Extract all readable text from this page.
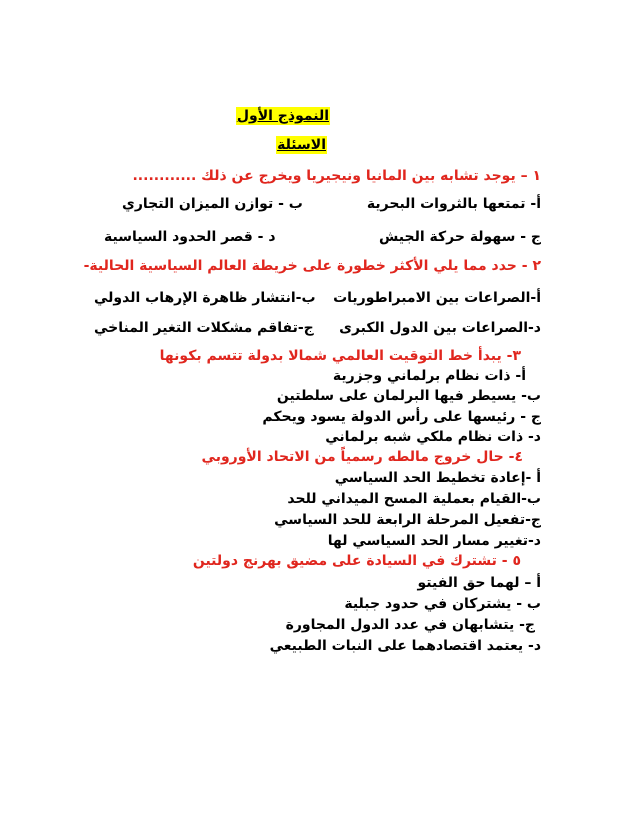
النموذج الأول
الاسئلة
١ – يوجد تشابه بين المانيا ونيجيريا ويخرج عن ذلك ............
أ- تمتعها بالثروات البحرية
ب - توازن الميزان التجاري
ج - سهولة حركة الجيش
د - قصر الحدود السياسية
٢ - حدد مما يلي الأكثر خطورة على خريطة العالم السياسية الحالية-
أ-الصراعات بين الامبراطوريات
ب-انتشار ظاهرة الإرهاب الدولي
د-الصراعات بين الدول الكبرى
ج-تفاقم مشكلات التغير المناخي
٣- يبدأ خط التوقيت العالمي شمالا بدولة تتسم بكونها
أ- ذات نظام برلماني وجزرية
ب- يسيطر فيها البرلمان على سلطتين
ج - رئيسها على رأس الدولة يسود ويحكم
د- ذات نظام ملكي شبه برلماني
٤- حال خروج مالطه رسمياً من الاتحاد الأوروبي
أ -إعادة تخطيط الحد السياسي
ب-القيام بعملية المسح الميداني للحد
ج-تفعيل المرحلة الرابعة للحد السياسي
د-تغيير مسار الحد السياسي لها
٥ - تشترك في السيادة على مضيق بهرنج دولتين
أ – لهما حق الفيتو
ب - يشتركان في حدود جبلية
ج- يتشابهان في عدد الدول المجاورة
د- يعتمد اقتصادهما على النبات الطبيعي
